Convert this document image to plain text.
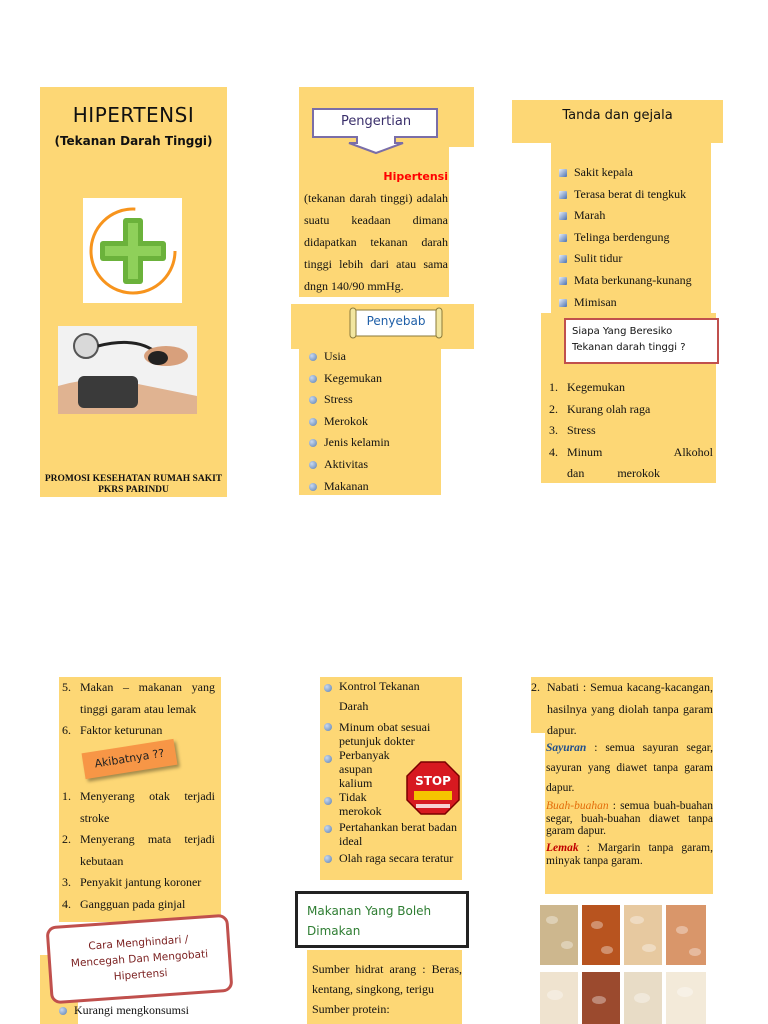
HIPERTENSI
(Tekanan Darah Tinggi)
PROMOSI KESEHATAN RUMAH SAKIT
PKRS PARINDU
Pengertian
Hipertensi
(tekanan darah tinggi) adalah suatu keadaan dimana didapatkan tekanan darah tinggi lebih dari atau sama dngn 140/90 mmHg.
Penyebab
Usia
Kegemukan
Stress
Merokok
Jenis kelamin
Aktivitas
Makanan
Tanda dan gejala
Sakit kepala
Terasa berat di tengkuk
Marah
Telinga berdengung
Sulit tidur
Mata berkunang-kunang
Mimisan
Siapa Yang Beresiko
Tekanan darah tinggi ?
1. Kegemukan
2. Kurang olah raga
3. Stress
4. Minum Alkohol dan merokok
5. Makan – makanan yang tinggi garam atau lemak
6. Faktor keturunan
Akibatnya ??
1. Menyerang otak terjadi stroke
2. Menyerang mata terjadi kebutaan
3. Penyakit jantung koroner
4. Gangguan pada ginjal
Cara Menghindari / Mencegah Dan Mengobati Hipertensi
Kurangi mengkonsumsi
Kontrol Tekanan Darah
Minum obat sesuai petunjuk dokter
Perbanyak asupan kalium
Tidak merokok
Pertahankan berat badan ideal
Olah raga secara teratur
STOP
Makanan Yang Boleh Dimakan
Sumber hidrat arang : Beras, kentang, singkong, terigu
Sumber protein:
2. Nabati : Semua kacang-kacangan, hasilnya yang diolah tanpa garam dapur.
Sayuran : semua sayuran segar, sayuran yang diawet tanpa garam dapur.
Buah-buahan : semua buah-buahan segar, buah-buahan diawet tanpa garam dapur.
Lemak : Margarin tanpa garam, minyak tanpa garam.
